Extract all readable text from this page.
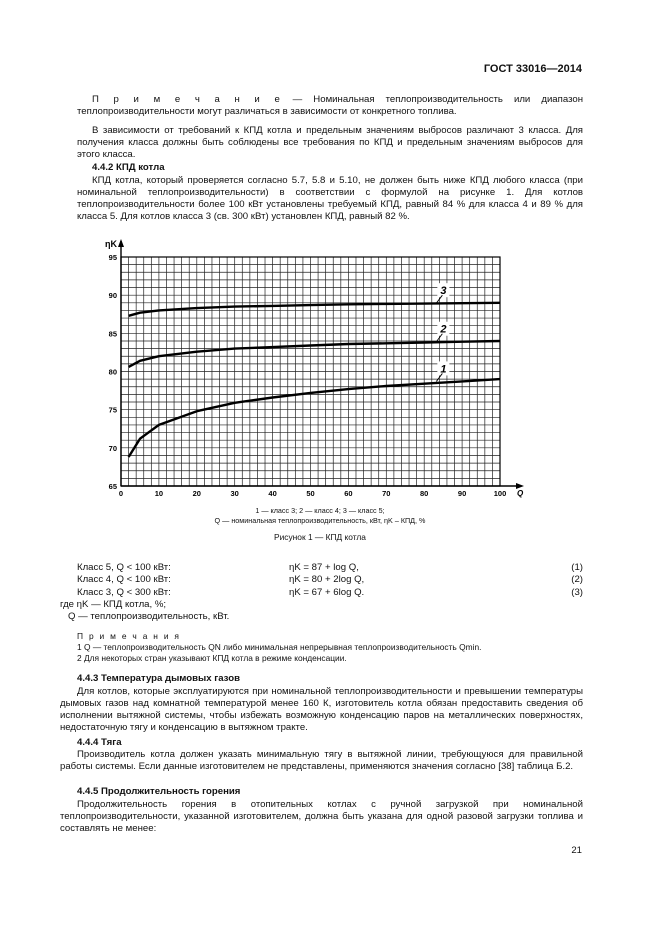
ГОСТ 33016—2014
П р и м е ч а н и е — Номинальная теплопроизводительность или диапазон теплопроизводительности могут различаться в зависимости от конкретного топлива.
В зависимости от требований к КПД котла и предельным значениям выбросов различают 3 класса. Для получения класса должны быть соблюдены все требования по КПД и предельным значениям выбросов для этого класса.
4.4.2 КПД котла
КПД котла, который проверяется согласно 5.7, 5.8 и 5.10, не должен быть ниже КПД любого класса (при номинальной теплопроизводительности) в соответствии с формулой на рисунке 1. Для котлов теплопроизводительности более 100 кВт установлены требуемый КПД, равный 84 % для класса 4 и 89 % для класса 5. Для котлов класса 3 (св. 300 кВт) установлен КПД, равный 82 %.
0	10	20	30	40	50	60	70	80	90	100
65
70
75
80
85
90
95
ηK
Q
1
2
3
1 — класс 3; 2 — класс 4; 3 — класс 5;
Q — номинальная теплопроизводительность, кВт, ηK – КПД, %
Рисунок 1 — КПД котла
Класс 5, Q < 100 кВт:	ηK = 87 + log Q,	(1)
Класс 4, Q < 100 кВт:	ηK = 80 + 2log Q,	(2)
Класс 3, Q < 300 кВт:	ηK = 67 + 6log Q.	(3)
где ηK — КПД котла, %;
Q — теплопроизводительность, кВт.
П р и м е ч а н и я
1 Q — теплопроизводительность QN либо минимальная непрерывная теплопроизводительность Qmin.
2 Для некоторых стран указывают КПД котла в режиме конденсации.
4.4.3 Температура дымовых газов
Для котлов, которые эксплуатируются при номинальной теплопроизводительности и превышении температуры дымовых газов над комнатной температурой менее 160 К, изготовитель котла обязан предоставить сведения об исполнении вытяжной системы, чтобы избежать возможную конденсацию паров на металлических поверхностях, недостаточную тягу и конденсацию в вытяжном тракте.
4.4.4 Тяга
Производитель котла должен указать минимальную тягу в вытяжной линии, требующуюся для правильной работы системы. Если данные изготовителем не представлены, применяются значения согласно [38] таблица Б.2.
4.4.5 Продолжительность горения
Продолжительность горения в отопительных котлах с ручной загрузкой при номинальной теплопроизводительности, указанной изготовителем, должна быть указана для одной разовой загрузки топлива и составлять не менее:
21
